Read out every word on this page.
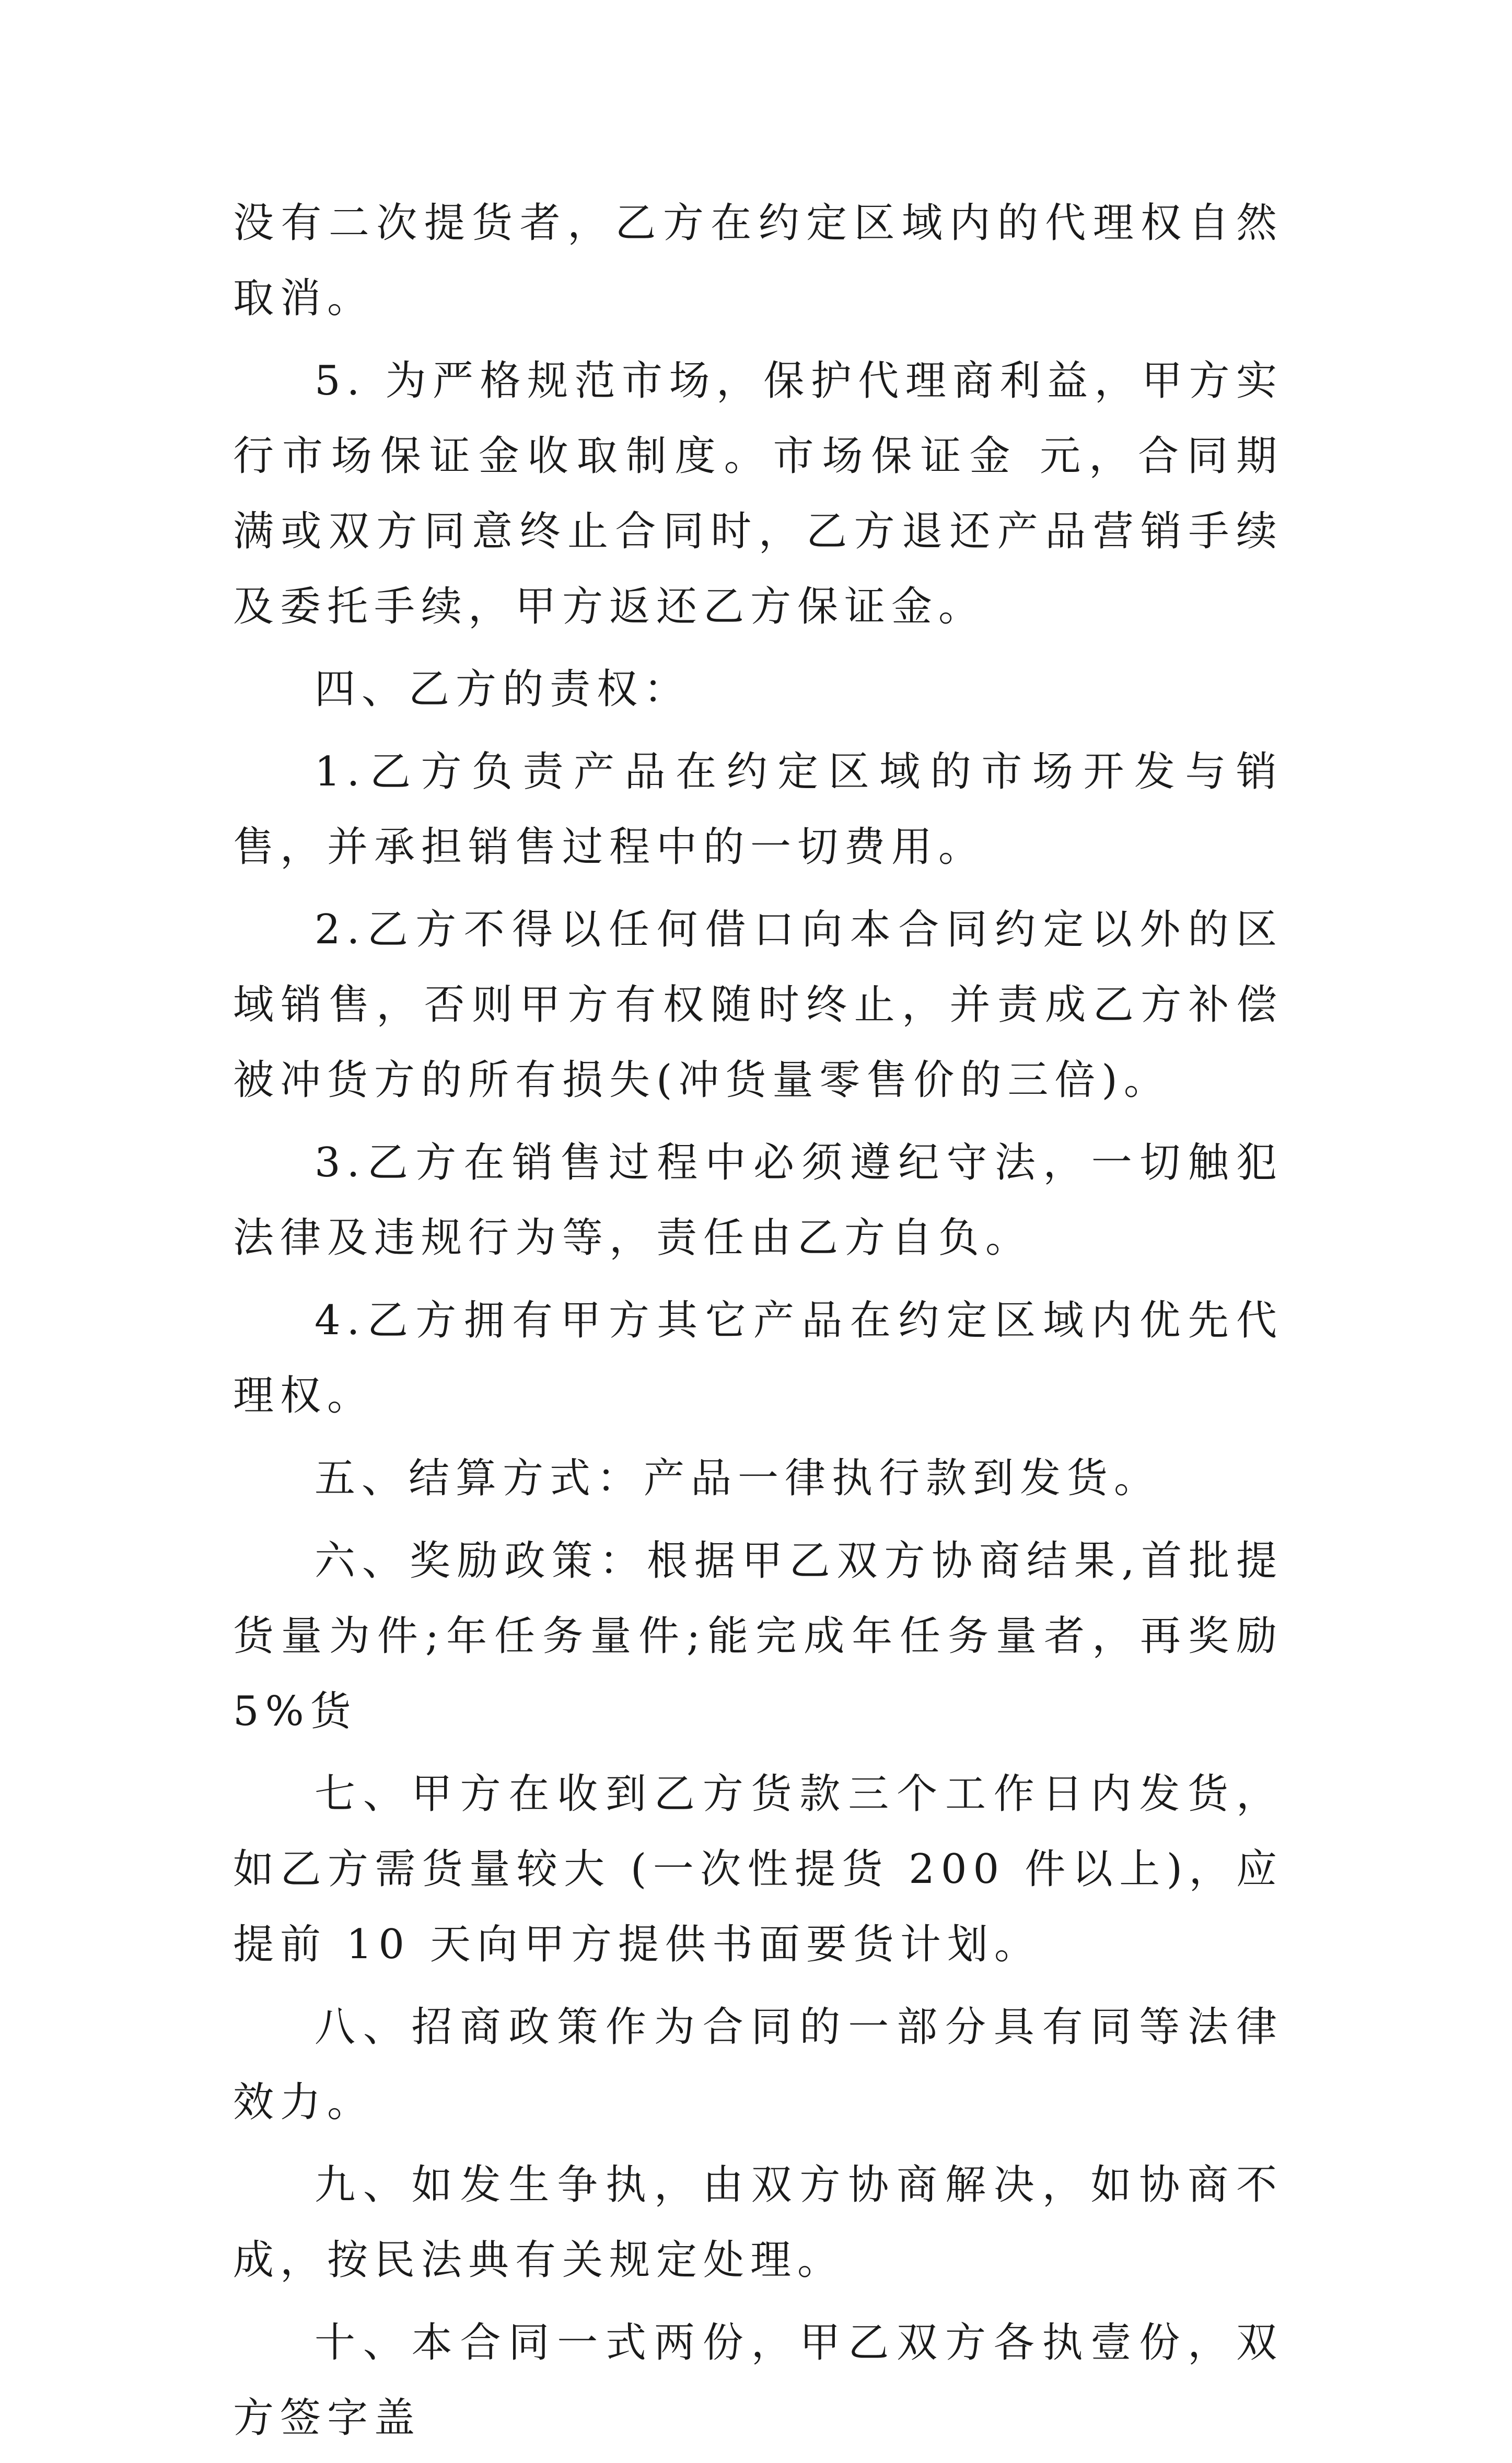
没有二次提货者，乙方在约定区域内的代理权自然取消。

5. 为严格规范市场，保护代理商利益，甲方实行市场保证金收取制度。市场保证金 元，合同期满或双方同意终止合同时，乙方退还产品营销手续及委托手续，甲方返还乙方保证金。

四、乙方的责权：

1.乙方负责产品在约定区域的市场开发与销售，并承担销售过程中的一切费用。

2.乙方不得以任何借口向本合同约定以外的区域销售，否则甲方有权随时终止，并责成乙方补偿被冲货方的所有损失(冲货量零售价的三倍)。

3.乙方在销售过程中必须遵纪守法，一切触犯法律及违规行为等，责任由乙方自负。

4.乙方拥有甲方其它产品在约定区域内优先代理权。

五、结算方式：产品一律执行款到发货。

六、奖励政策：根据甲乙双方协商结果,首批提货量为件;年任务量件;能完成年任务量者，再奖励 5%货

七、甲方在收到乙方货款三个工作日内发货，如乙方需货量较大 (一次性提货 200 件以上)，应提前 10 天向甲方提供书面要货计划。

八、招商政策作为合同的一部分具有同等法律效力。

九、如发生争执，由双方协商解决，如协商不成，按民法典有关规定处理。

十、本合同一式两份，甲乙双方各执壹份，双方签字盖
